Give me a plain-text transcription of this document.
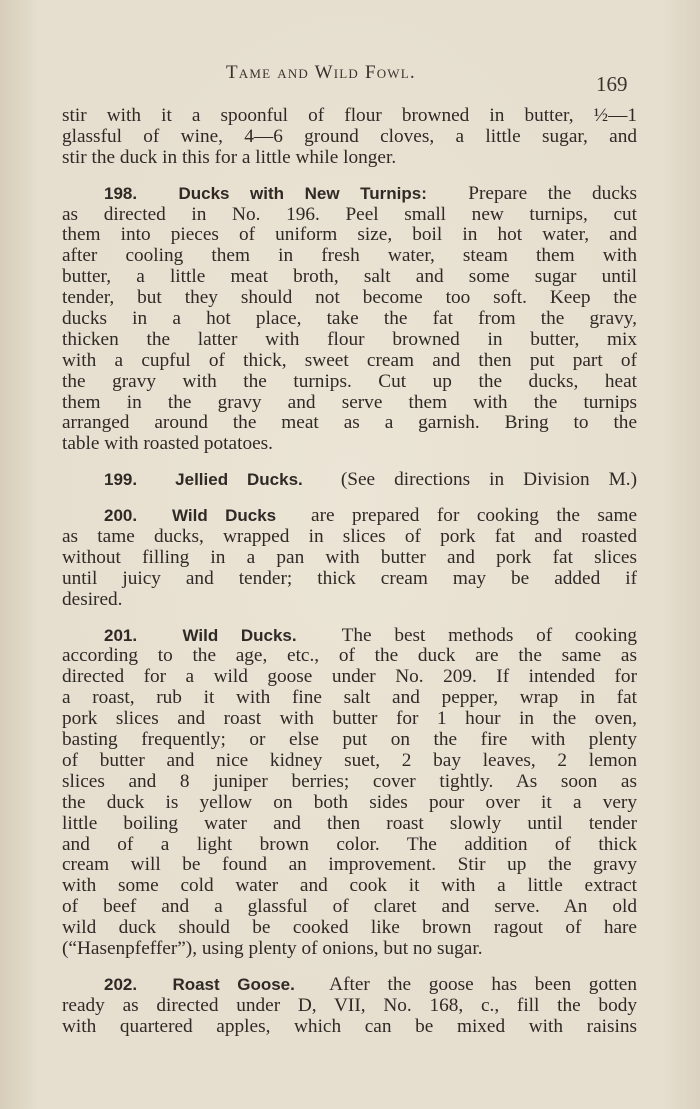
Tame and Wild Fowl.	169
stir with it a spoonful of flour browned in butter, ½—1
glassful of wine, 4—6 ground cloves, a little sugar, and
stir the duck in this for a little while longer.
198. Ducks with New Turnips: Prepare the ducks
as directed in No. 196. Peel small new turnips, cut
them into pieces of uniform size, boil in hot water, and
after cooling them in fresh water, steam them with
butter, a little meat broth, salt and some sugar until
tender, but they should not become too soft. Keep the
ducks in a hot place, take the fat from the gravy,
thicken the latter with flour browned in butter, mix
with a cupful of thick, sweet cream and then put part of
the gravy with the turnips. Cut up the ducks, heat
them in the gravy and serve them with the turnips
arranged around the meat as a garnish. Bring to the
table with roasted potatoes.
199. Jellied Ducks. (See directions in Division M.)
200. Wild Ducks are prepared for cooking the same
as tame ducks, wrapped in slices of pork fat and roasted
without filling in a pan with butter and pork fat slices
until juicy and tender; thick cream may be added if
desired.
201.	Wild Ducks. The best methods of cooking
according to the age, etc., of the duck are the same as
directed for a wild goose under No. 209. If intended for
a roast, rub it with fine salt and pepper, wrap in fat
pork slices and roast with butter for 1 hour in the oven,
basting frequently; or else put on the fire with plenty
of butter and nice kidney suet, 2 bay leaves, 2 lemon
slices and 8 juniper berries; cover tightly. As soon as
the duck is yellow on both sides pour over it a very
little boiling water and then roast slowly until tender
and of a light brown color. The addition of thick
cream will be found an improvement. Stir up the gravy
with some cold water and cook it with a little extract
of beef and a glassful of claret and serve. An old
wild duck should be cooked like brown ragout of hare
(“Hasenpfeffer”), using plenty of onions, but no sugar.
202. Roast Goose. After the goose has been gotten
ready as directed under D, VII, No. 168, c., fill the body
with quartered apples, which can be mixed with raisins
